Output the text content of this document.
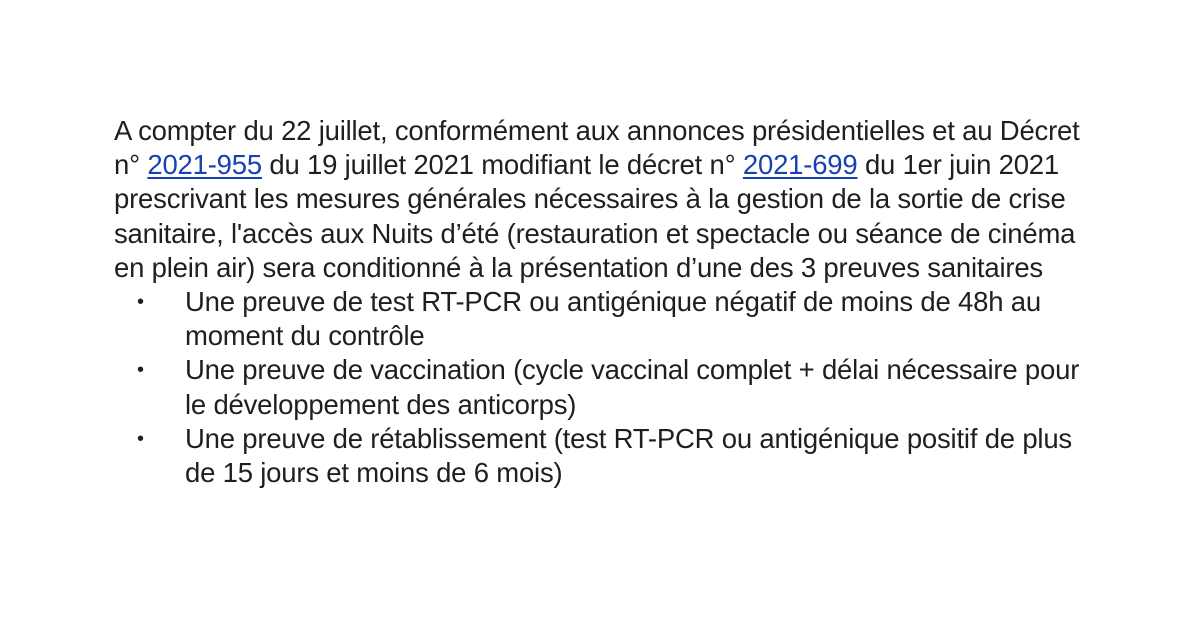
A compter du 22 juillet, conformément aux annonces présidentielles et au Décret n° 2021-955 du 19 juillet 2021 modifiant le décret n° 2021-699 du 1er juin 2021 prescrivant les mesures générales nécessaires à la gestion de la sortie de crise sanitaire, l'accès aux Nuits d’été (restauration et spectacle ou séance de cinéma en plein air) sera conditionné à la présentation d’une des 3 preuves sanitaires

• Une preuve de test RT-PCR ou antigénique négatif de moins de 48h au moment du contrôle
• Une preuve de vaccination (cycle vaccinal complet + délai nécessaire pour le développement des anticorps)
• Une preuve de rétablissement (test RT-PCR ou antigénique positif de plus de 15 jours et moins de 6 mois)
